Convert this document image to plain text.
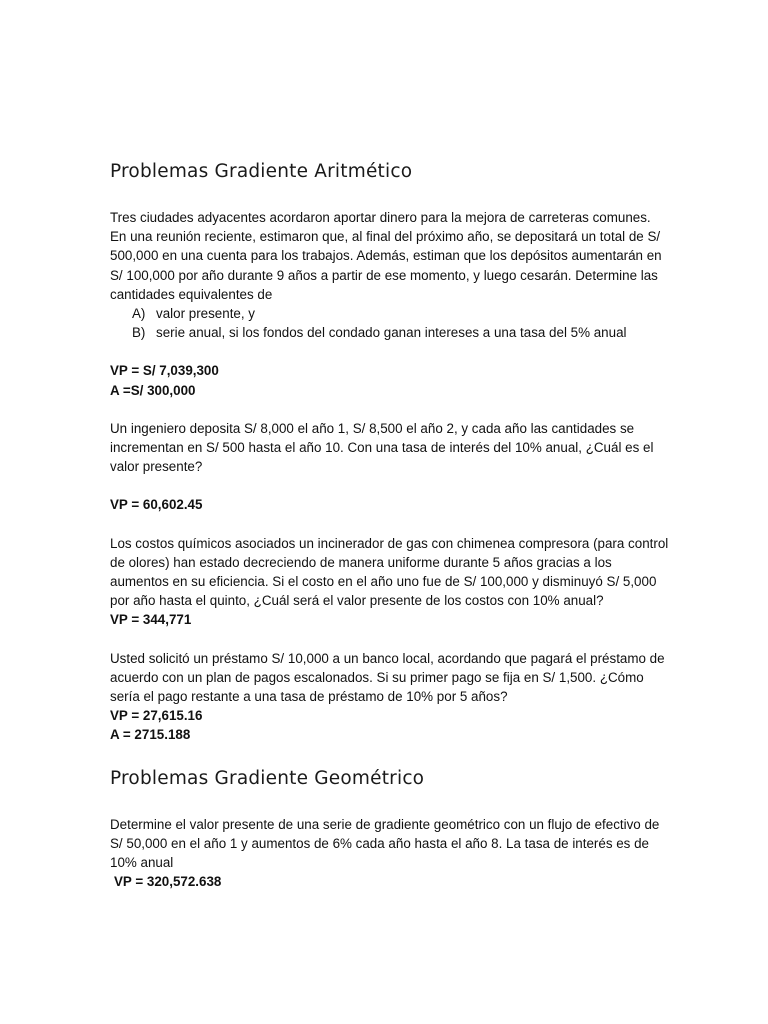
Problemas Gradiente Aritmético

Tres ciudades adyacentes acordaron aportar dinero para la mejora de carreteras comunes. En una reunión reciente, estimaron que, al final del próximo año, se depositará un total de S/ 500,000 en una cuenta para los trabajos. Además, estiman que los depósitos aumentarán en S/ 100,000 por año durante 9 años a partir de ese momento, y luego cesarán. Determine las cantidades equivalentes de

A) valor presente, y
B) serie anual, si los fondos del condado ganan intereses a una tasa del 5% anual

VP = S/ 7,039,300

A =S/ 300,000

Un ingeniero deposita S/ 8,000 el año 1, S/ 8,500 el año 2, y cada año las cantidades se incrementan en S/ 500 hasta el año 10. Con una tasa de interés del 10% anual, ¿Cuál es el valor presente?

VP = 60,602.45

Los costos químicos asociados un incinerador de gas con chimenea compresora (para control de olores) han estado decreciendo de manera uniforme durante 5 años gracias a los aumentos en su eficiencia. Si el costo en el año uno fue de S/ 100,000 y disminuyó S/ 5,000 por año hasta el quinto, ¿Cuál será el valor presente de los costos con 10% anual?

VP = 344,771

Usted solicitó un préstamo S/ 10,000 a un banco local, acordando que pagará el préstamo de acuerdo con un plan de pagos escalonados. Si su primer pago se fija en S/ 1,500. ¿Cómo sería el pago restante a una tasa de préstamo de 10% por 5 años?

VP = 27,615.16

A = 2715.188

Problemas Gradiente Geométrico

Determine el valor presente de una serie de gradiente geométrico con un flujo de efectivo de S/ 50,000 en el año 1 y aumentos de 6% cada año hasta el año 8. La tasa de interés es de 10% anual

VP = 320,572.638
